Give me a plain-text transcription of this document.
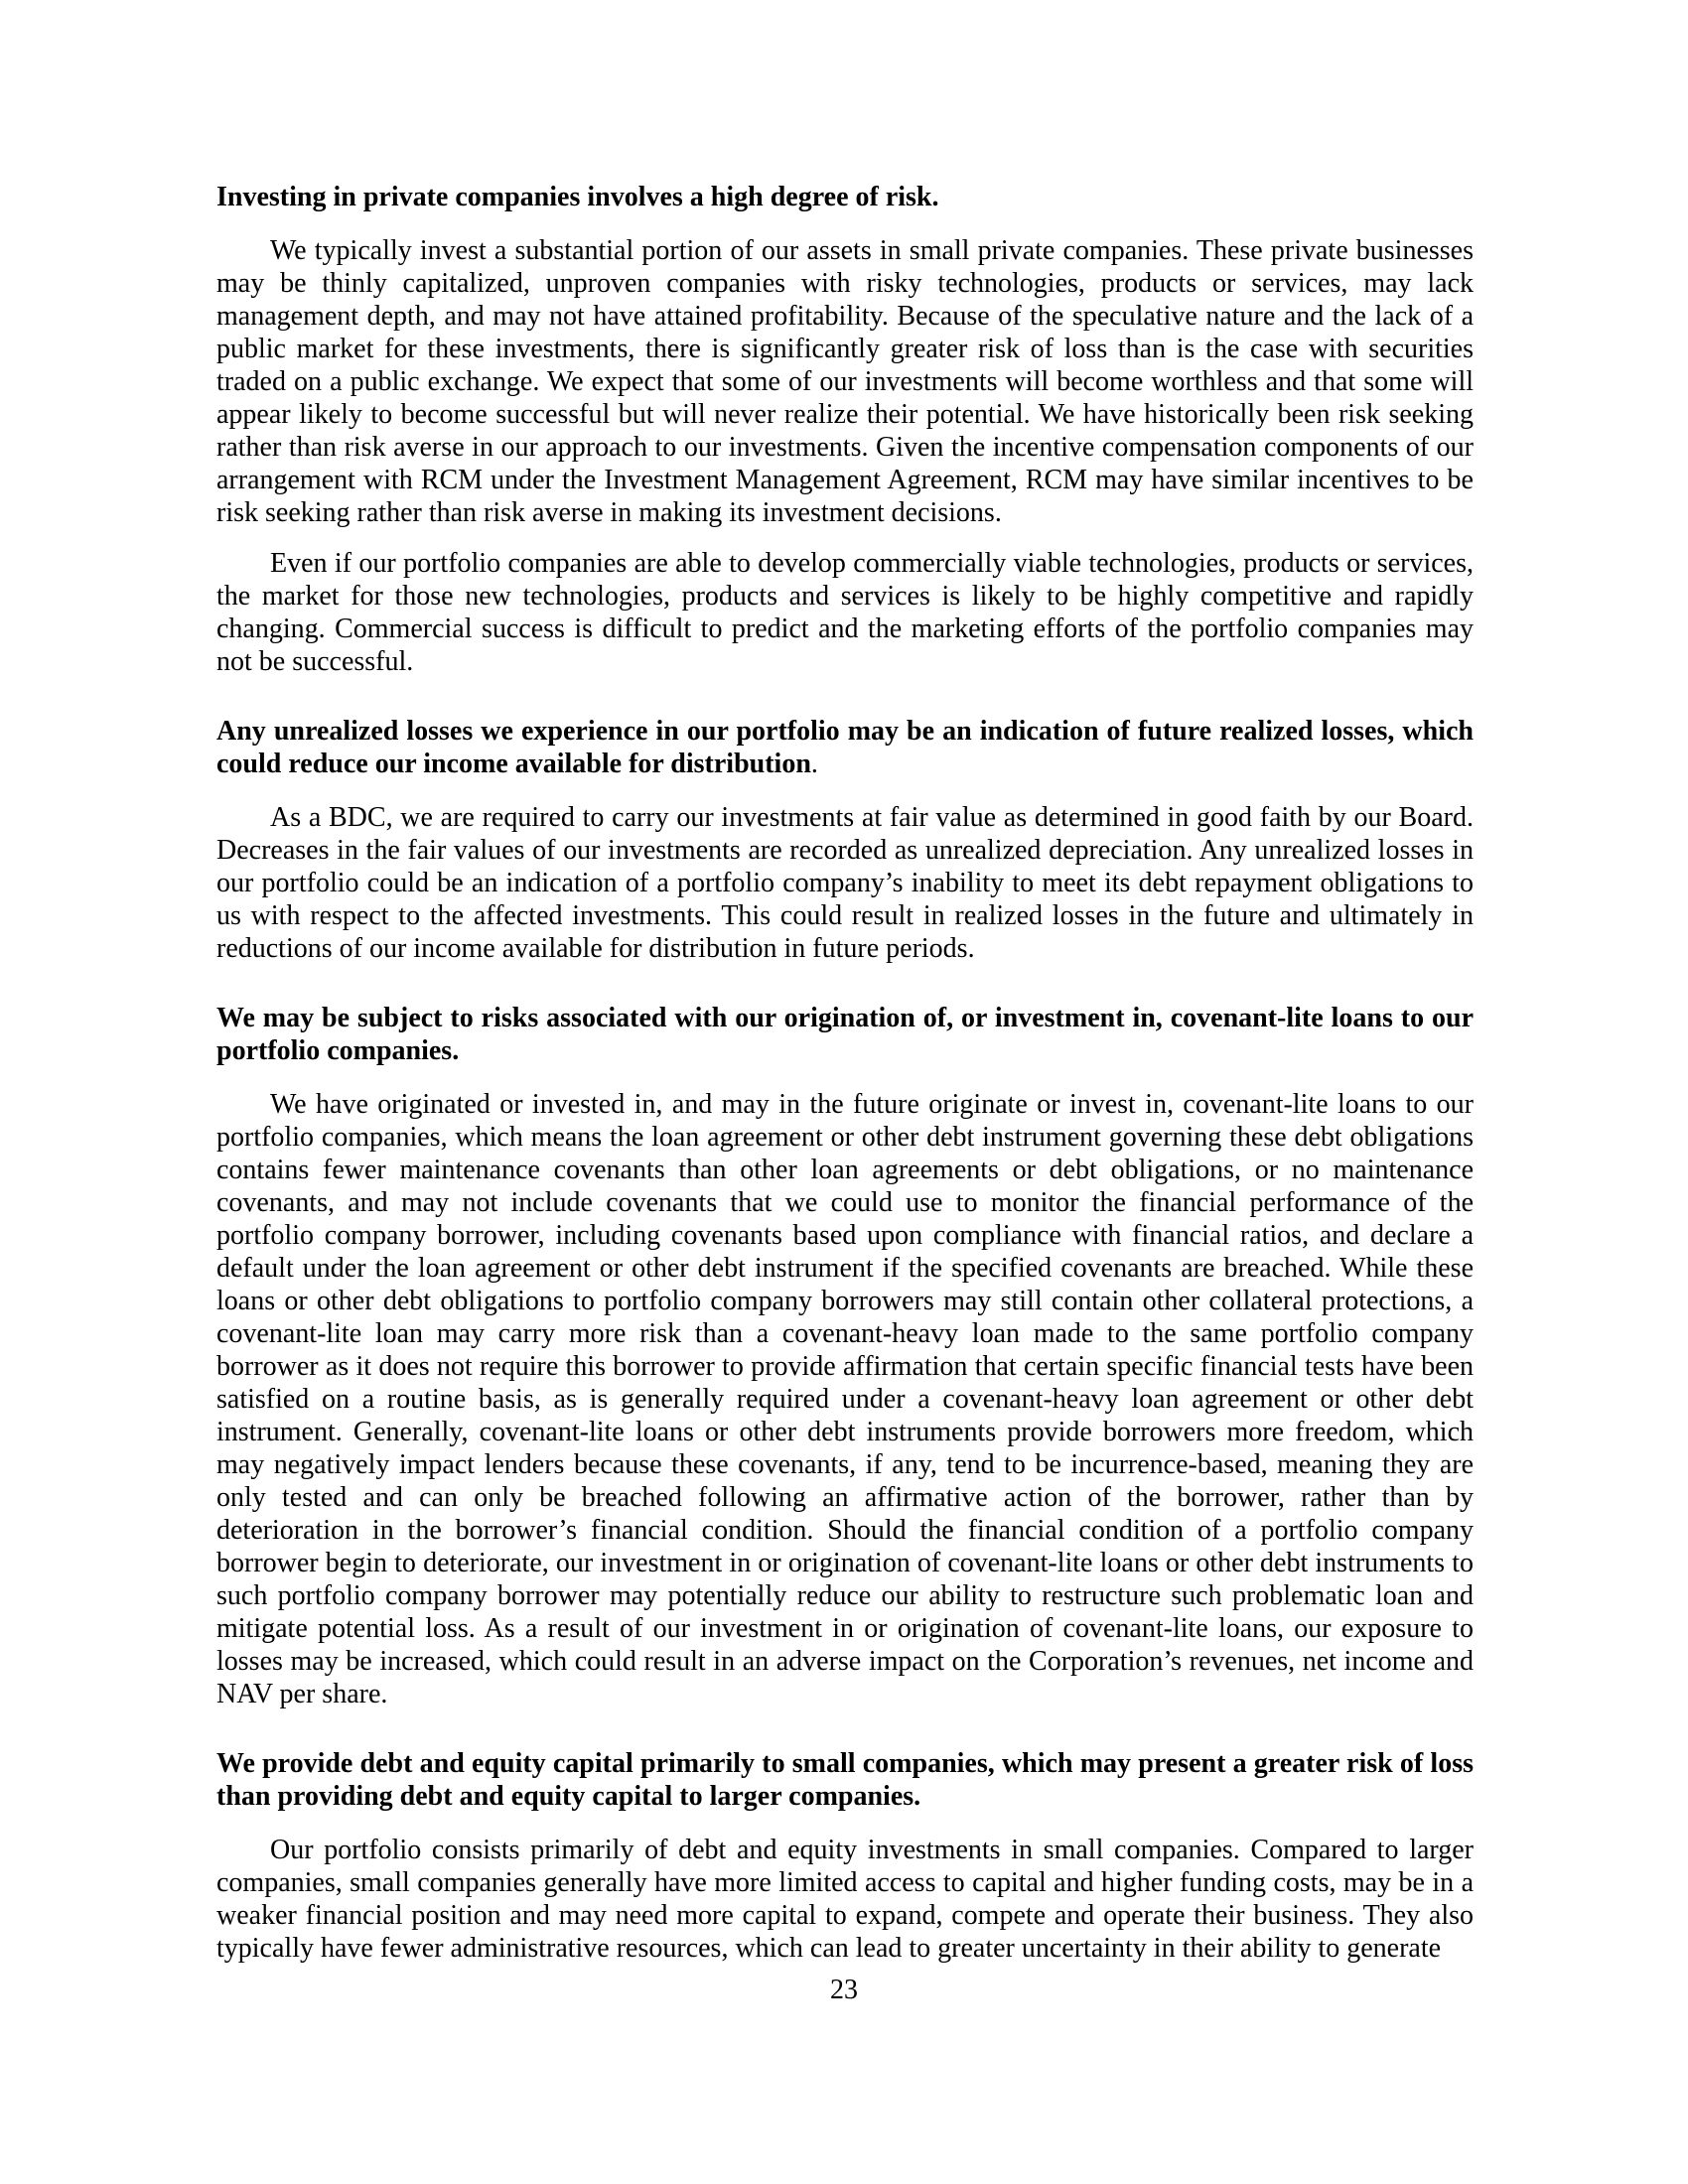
Investing in private companies involves a high degree of risk.

We typically invest a substantial portion of our assets in small private companies. These private businesses may be thinly capitalized, unproven companies with risky technologies, products or services, may lack management depth, and may not have attained profitability. Because of the speculative nature and the lack of a public market for these investments, there is significantly greater risk of loss than is the case with securities traded on a public exchange. We expect that some of our investments will become worthless and that some will appear likely to become successful but will never realize their potential. We have historically been risk seeking rather than risk averse in our approach to our investments. Given the incentive compensation components of our arrangement with RCM under the Investment Management Agreement, RCM may have similar incentives to be risk seeking rather than risk averse in making its investment decisions.

Even if our portfolio companies are able to develop commercially viable technologies, products or services, the market for those new technologies, products and services is likely to be highly competitive and rapidly changing. Commercial success is difficult to predict and the marketing efforts of the portfolio companies may not be successful.

Any unrealized losses we experience in our portfolio may be an indication of future realized losses, which could reduce our income available for distribution.

As a BDC, we are required to carry our investments at fair value as determined in good faith by our Board. Decreases in the fair values of our investments are recorded as unrealized depreciation. Any unrealized losses in our portfolio could be an indication of a portfolio company’s inability to meet its debt repayment obligations to us with respect to the affected investments. This could result in realized losses in the future and ultimately in reductions of our income available for distribution in future periods.

We may be subject to risks associated with our origination of, or investment in, covenant-lite loans to our portfolio companies.

We have originated or invested in, and may in the future originate or invest in, covenant-lite loans to our portfolio companies, which means the loan agreement or other debt instrument governing these debt obligations contains fewer maintenance covenants than other loan agreements or debt obligations, or no maintenance covenants, and may not include covenants that we could use to monitor the financial performance of the portfolio company borrower, including covenants based upon compliance with financial ratios, and declare a default under the loan agreement or other debt instrument if the specified covenants are breached. While these loans or other debt obligations to portfolio company borrowers may still contain other collateral protections, a covenant-lite loan may carry more risk than a covenant-heavy loan made to the same portfolio company borrower as it does not require this borrower to provide affirmation that certain specific financial tests have been satisfied on a routine basis, as is generally required under a covenant-heavy loan agreement or other debt instrument. Generally, covenant-lite loans or other debt instruments provide borrowers more freedom, which may negatively impact lenders because these covenants, if any, tend to be incurrence-based, meaning they are only tested and can only be breached following an affirmative action of the borrower, rather than by deterioration in the borrower’s financial condition. Should the financial condition of a portfolio company borrower begin to deteriorate, our investment in or origination of covenant-lite loans or other debt instruments to such portfolio company borrower may potentially reduce our ability to restructure such problematic loan and mitigate potential loss. As a result of our investment in or origination of covenant-lite loans, our exposure to losses may be increased, which could result in an adverse impact on the Corporation’s revenues, net income and NAV per share.

We provide debt and equity capital primarily to small companies, which may present a greater risk of loss than providing debt and equity capital to larger companies.

Our portfolio consists primarily of debt and equity investments in small companies. Compared to larger companies, small companies generally have more limited access to capital and higher funding costs, may be in a weaker financial position and may need more capital to expand, compete and operate their business. They also typically have fewer administrative resources, which can lead to greater uncertainty in their ability to generate

23
